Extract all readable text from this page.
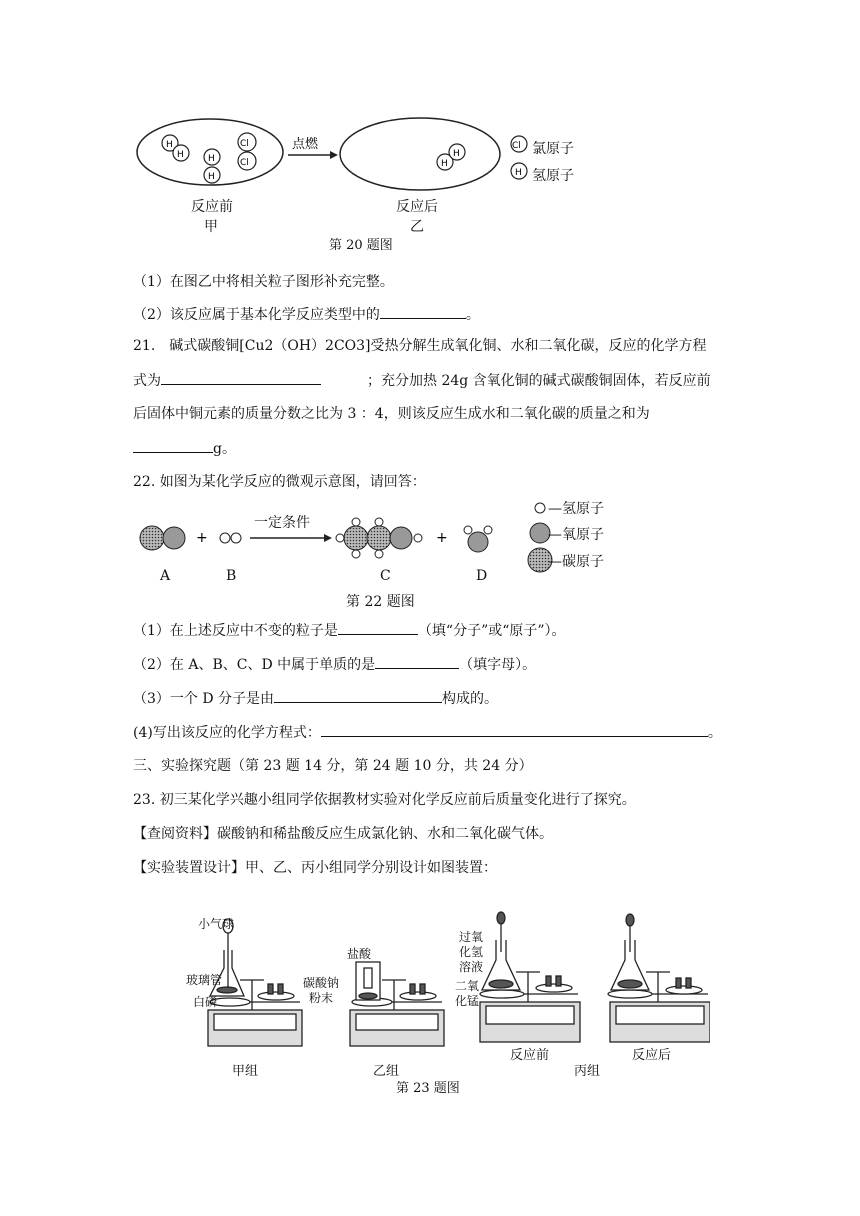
H
H	H
H
Cl
Cl
点燃
H
H
Cl
H
氯原子
氢原子
反应前
甲
反应后
乙
第 20 题图
（1）在图乙中将相关粒子图形补充完整。
（2）该反应属于基本化学反应类型中的	。
21.　碱式碳酸铜[Cu2（OH）2CO3]受热分解生成氧化铜、水和二氧化碳，反应的化学方程
式为	；充分加热 24g 含氧化铜的碱式碳酸铜固体，若反应前
后固体中铜元素的质量分数之比为 3 ：4，则该反应生成水和二氧化碳的质量之和为
g。
22. 如图为某化学反应的微观示意图，请回答：
+	+
一定条件
—氢原子
—氧原子
—碳原子
A	B	C	D
第 22 题图
（1）在上述反应中不变的粒子是	（填“分子”或“原子”）。
（2）在 A、B、C、D 中属于单质的是	（填字母）。
（3）一个 D 分子是由	构成的。
(4)写出该反应的化学方程式：	。
三、实验探究题（第 23 题 14 分，第 24 题 10 分，共 24 分）
23. 初三某化学兴趣小组同学依据教材实验对化学反应前后质量变化进行了探究。
【查阅资料】碳酸钠和稀盐酸反应生成氯化钠、水和二氧化碳气体。
【实验装置设计】甲、乙、丙小组同学分别设计如图装置：
小气球
玻璃管
白磷
盐酸
碳酸钠
粉末
过氧
化氢
溶液
二氧
化锰
甲组	乙组
反应前
丙组
反应后
第 23 题图
